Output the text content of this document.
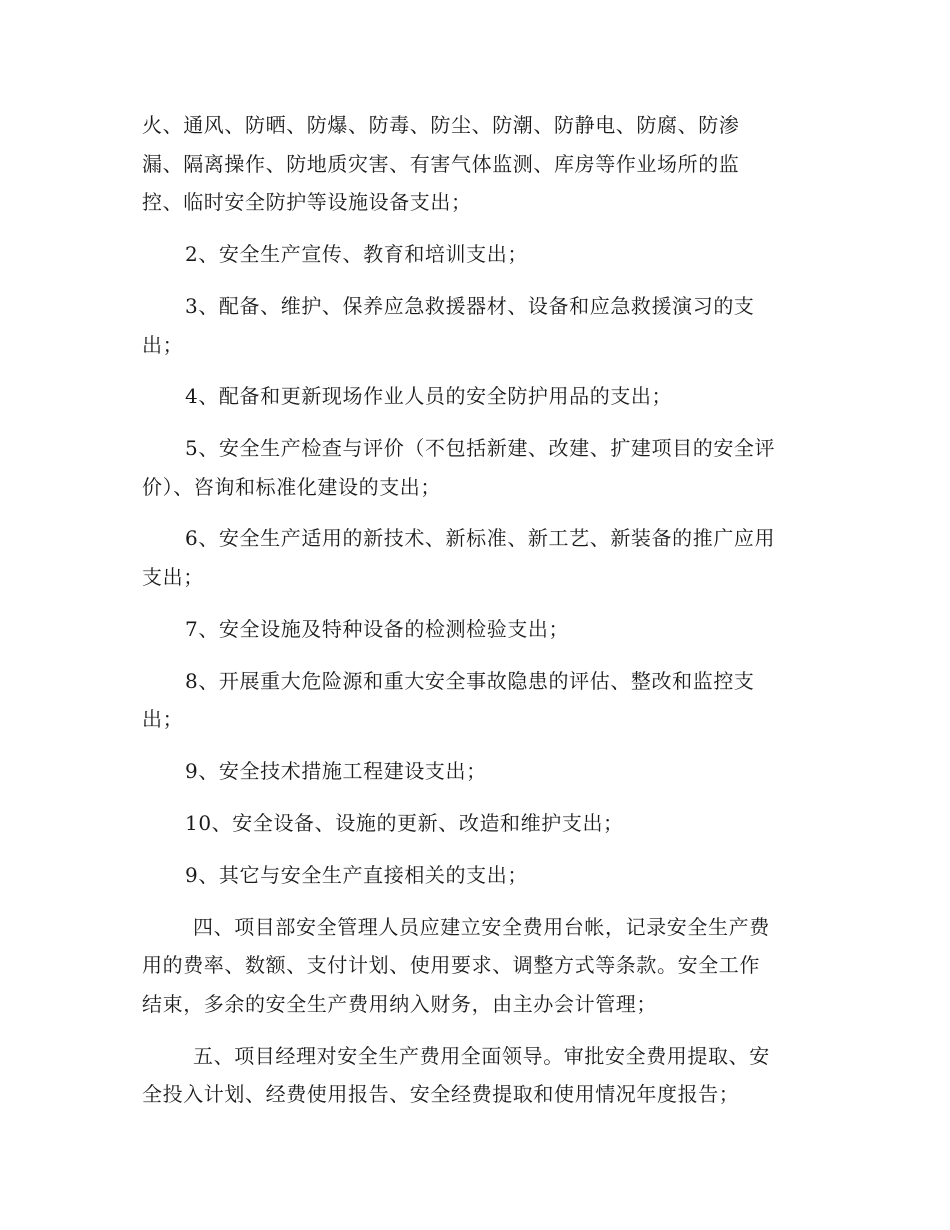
火、通风、防晒、防爆、防毒、防尘、防潮、防静电、防腐、防渗
漏、隔离操作、防地质灾害、有害气体监测、库房等作业场所的监
控、临时安全防护等设施设备支出；
2、安全生产宣传、教育和培训支出；
3、配备、维护、保养应急救援器材、设备和应急救援演习的支
出；
4、配备和更新现场作业人员的安全防护用品的支出；
5、安全生产检查与评价（不包括新建、改建、扩建项目的安全评
价）、咨询和标准化建设的支出；
6、安全生产适用的新技术、新标准、新工艺、新装备的推广应用
支出；
7、安全设施及特种设备的检测检验支出；
8、开展重大危险源和重大安全事故隐患的评估、整改和监控支
出；
9、安全技术措施工程建设支出；
10、安全设备、设施的更新、改造和维护支出；
9、其它与安全生产直接相关的支出；
四、项目部安全管理人员应建立安全费用台帐，记录安全生产费
用的费率、数额、支付计划、使用要求、调整方式等条款。安全工作
结束，多余的安全生产费用纳入财务，由主办会计管理；
五、项目经理对安全生产费用全面领导。审批安全费用提取、安
全投入计划、经费使用报告、安全经费提取和使用情况年度报告；
